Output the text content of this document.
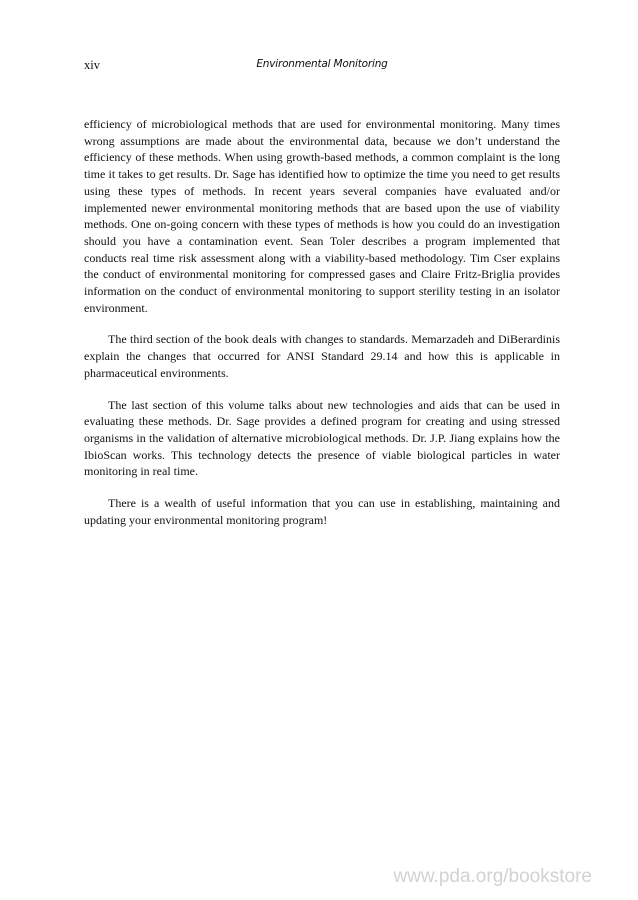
xiv	Environmental Monitoring

efficiency of microbiological methods that are used for environmental monitoring. Many times wrong assumptions are made about the environmental data, because we don’t understand the efficiency of these methods. When using growth-based methods, a common complaint is the long time it takes to get results. Dr. Sage has identified how to optimize the time you need to get results using these types of methods. In recent years several companies have evaluated and/or implemented newer environmental monitoring methods that are based upon the use of viability methods. One on-going concern with these types of methods is how you could do an investigation should you have a contamination event. Sean Toler describes a program implemented that conducts real time risk assessment along with a viability-based methodology. Tim Cser explains the conduct of environmental monitoring for compressed gases and Claire Fritz-Briglia provides information on the conduct of environmental monitoring to support sterility testing in an isolator environment.

The third section of the book deals with changes to standards. Memarzadeh and DiBerardinis explain the changes that occurred for ANSI Standard 29.14 and how this is applicable in pharmaceutical environments.

The last section of this volume talks about new technologies and aids that can be used in evaluating these methods. Dr. Sage provides a defined program for creating and using stressed organisms in the validation of alternative microbiological methods. Dr. J.P. Jiang explains how the IbioScan works. This technology detects the presence of viable biological particles in water monitoring in real time.

There is a wealth of useful information that you can use in establishing, maintaining and updating your environmental monitoring program!

www.pda.org/bookstore
